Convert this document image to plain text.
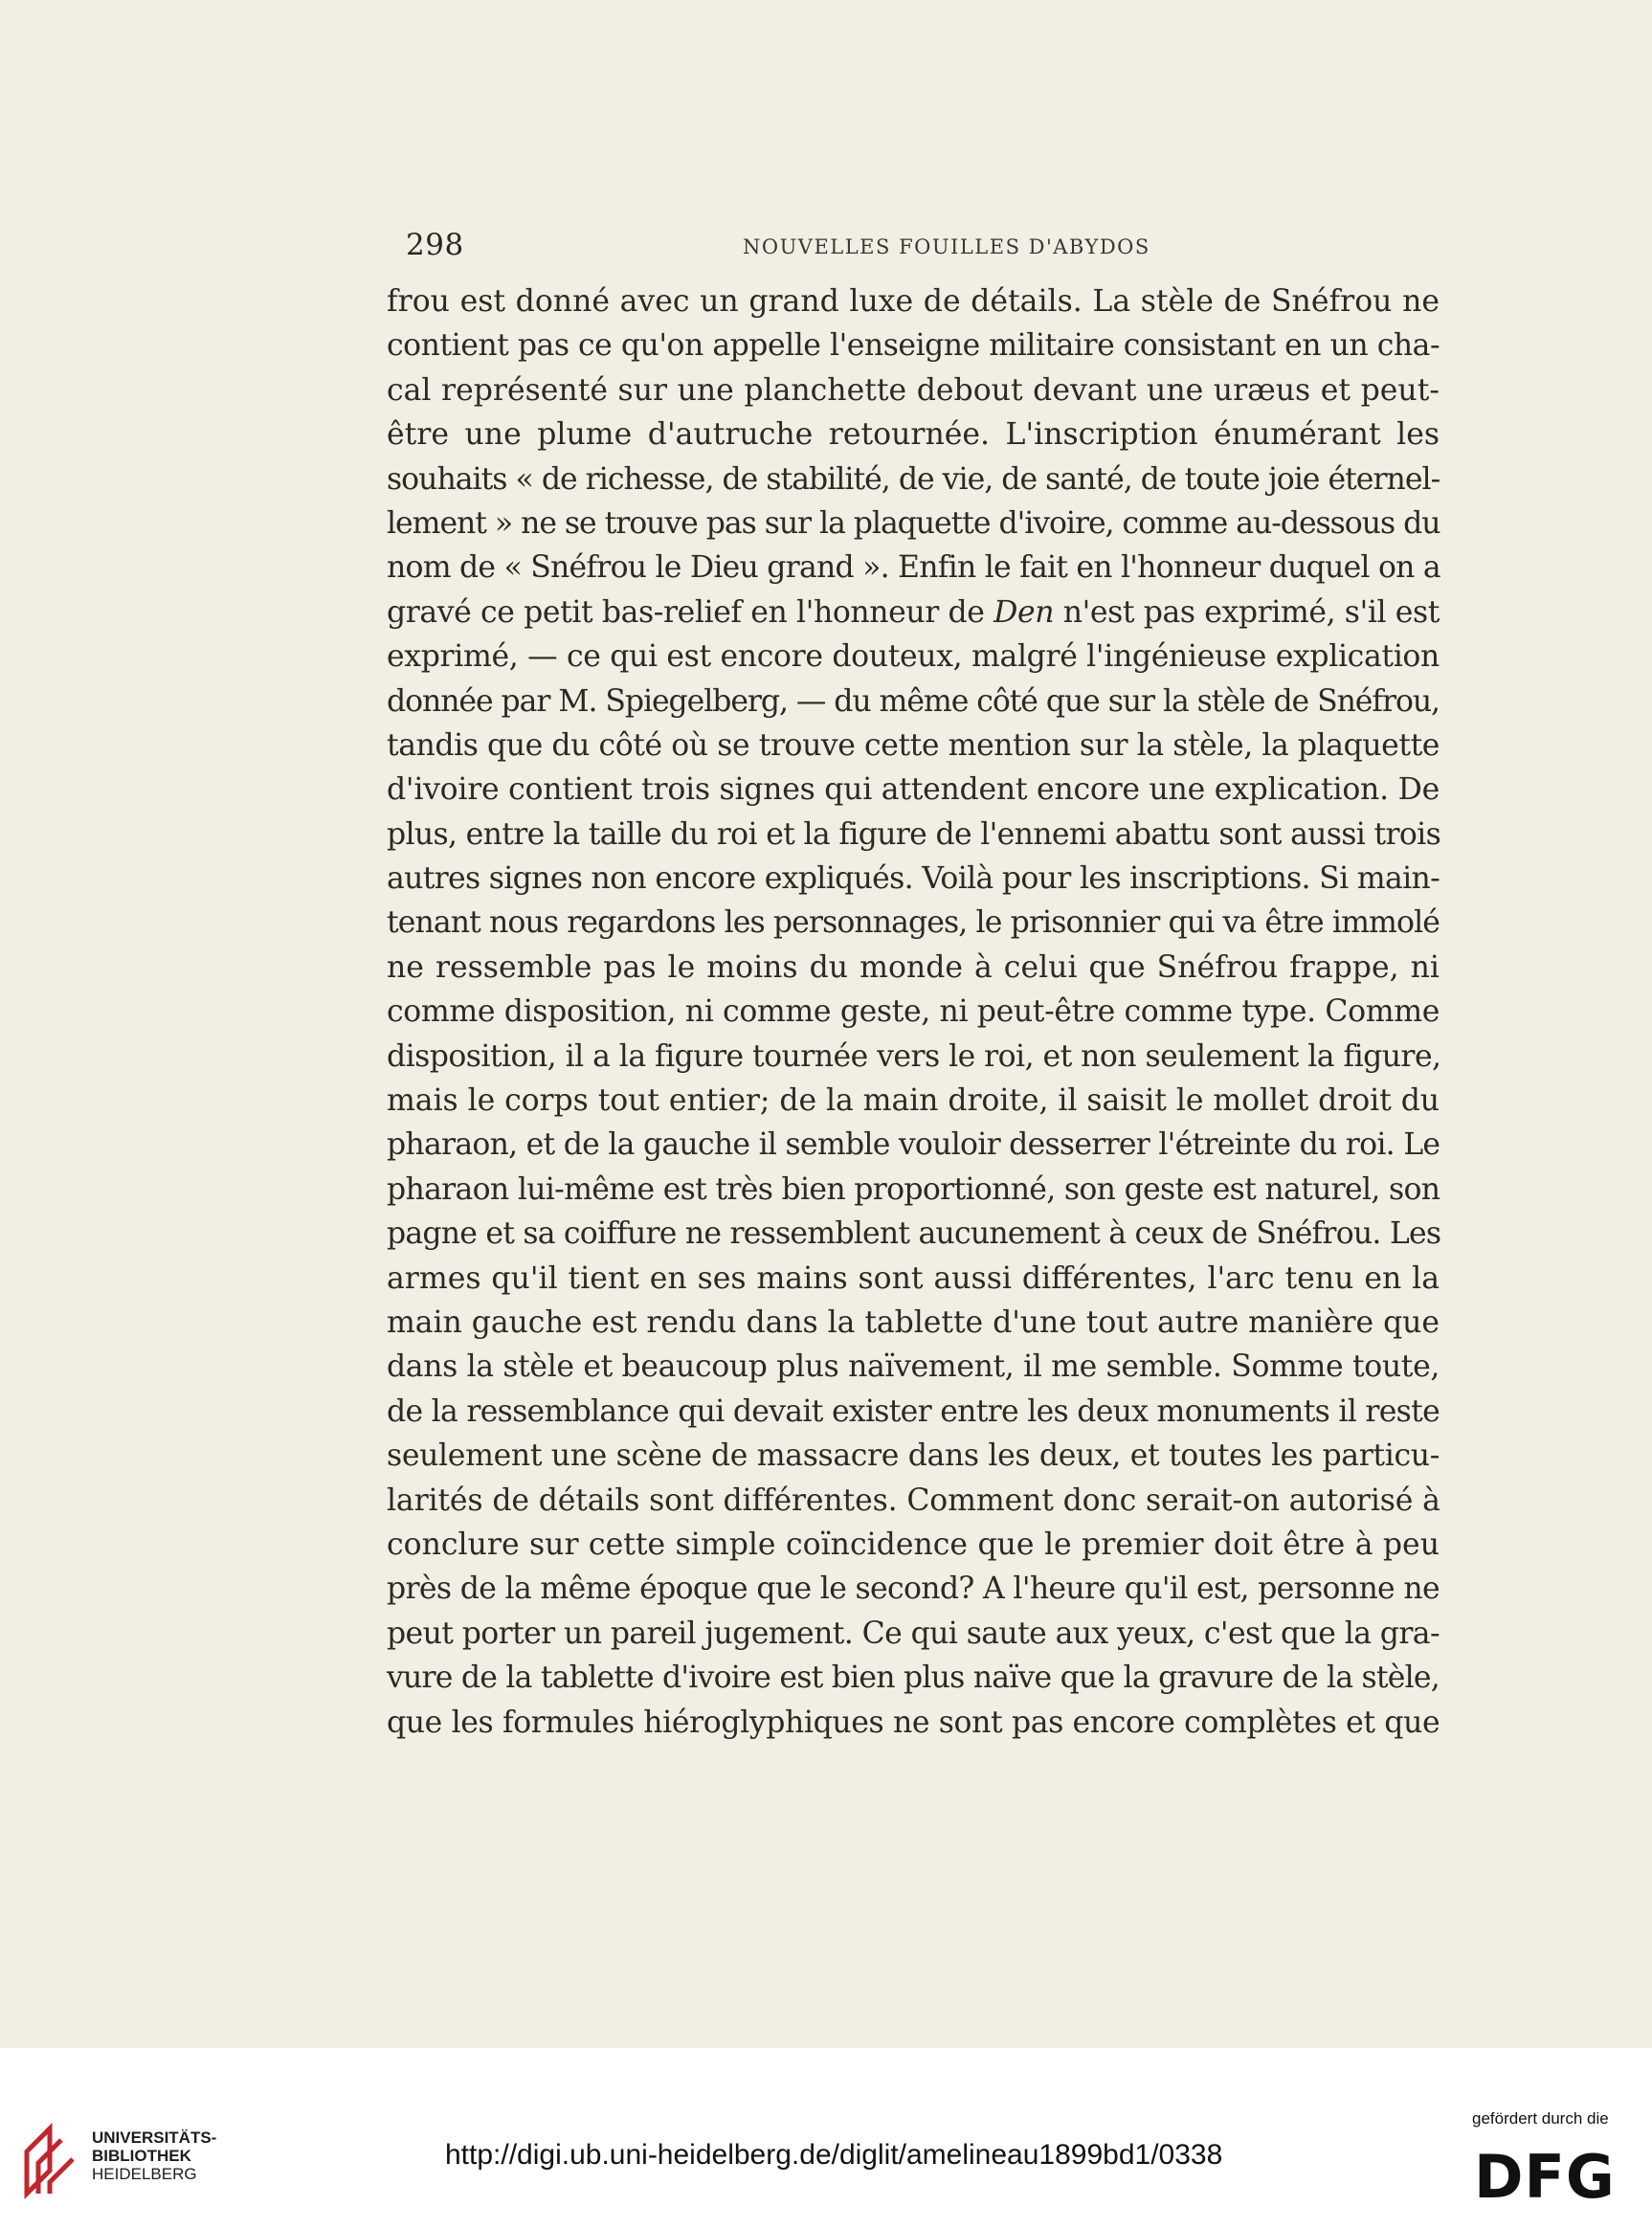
298	NOUVELLES FOUILLES D'ABYDOS
frou est donné avec un grand luxe de détails. La stèle de Snéfrou ne
contient pas ce qu'on appelle l'enseigne militaire consistant en un cha-
cal représenté sur une planchette debout devant une uræus et peut-
être une plume d'autruche retournée. L'inscription énumérant les
souhaits « de richesse, de stabilité, de vie, de santé, de toute joie éternel-
lement » ne se trouve pas sur la plaquette d'ivoire, comme au-dessous du
nom de « Snéfrou le Dieu grand ». Enfin le fait en l'honneur duquel on a
gravé ce petit bas-relief en l'honneur de Den n'est pas exprimé, s'il est
exprimé, — ce qui est encore douteux, malgré l'ingénieuse explication
donnée par M. Spiegelberg, — du même côté que sur la stèle de Snéfrou,
tandis que du côté où se trouve cette mention sur la stèle, la plaquette
d'ivoire contient trois signes qui attendent encore une explication. De
plus, entre la taille du roi et la figure de l'ennemi abattu sont aussi trois
autres signes non encore expliqués. Voilà pour les inscriptions. Si main-
tenant nous regardons les personnages, le prisonnier qui va être immolé
ne ressemble pas le moins du monde à celui que Snéfrou frappe, ni
comme disposition, ni comme geste, ni peut-être comme type. Comme
disposition, il a la figure tournée vers le roi, et non seulement la figure,
mais le corps tout entier; de la main droite, il saisit le mollet droit du
pharaon, et de la gauche il semble vouloir desserrer l'étreinte du roi. Le
pharaon lui-même est très bien proportionné, son geste est naturel, son
pagne et sa coiffure ne ressemblent aucunement à ceux de Snéfrou. Les
armes qu'il tient en ses mains sont aussi différentes, l'arc tenu en la
main gauche est rendu dans la tablette d'une tout autre manière que
dans la stèle et beaucoup plus naïvement, il me semble. Somme toute,
de la ressemblance qui devait exister entre les deux monuments il reste
seulement une scène de massacre dans les deux, et toutes les particu-
larités de détails sont différentes. Comment donc serait-on autorisé à
conclure sur cette simple coïncidence que le premier doit être à peu
près de la même époque que le second? A l'heure qu'il est, personne ne
peut porter un pareil jugement. Ce qui saute aux yeux, c'est que la gra-
vure de la tablette d'ivoire est bien plus naïve que la gravure de la stèle,
que les formules hiéroglyphiques ne sont pas encore complètes et que
UNIVERSITÄTS-
BIBLIOTHEK
HEIDELBERG
http://digi.ub.uni-heidelberg.de/diglit/amelineau1899bd1/0338
gefördert durch die
DFG
